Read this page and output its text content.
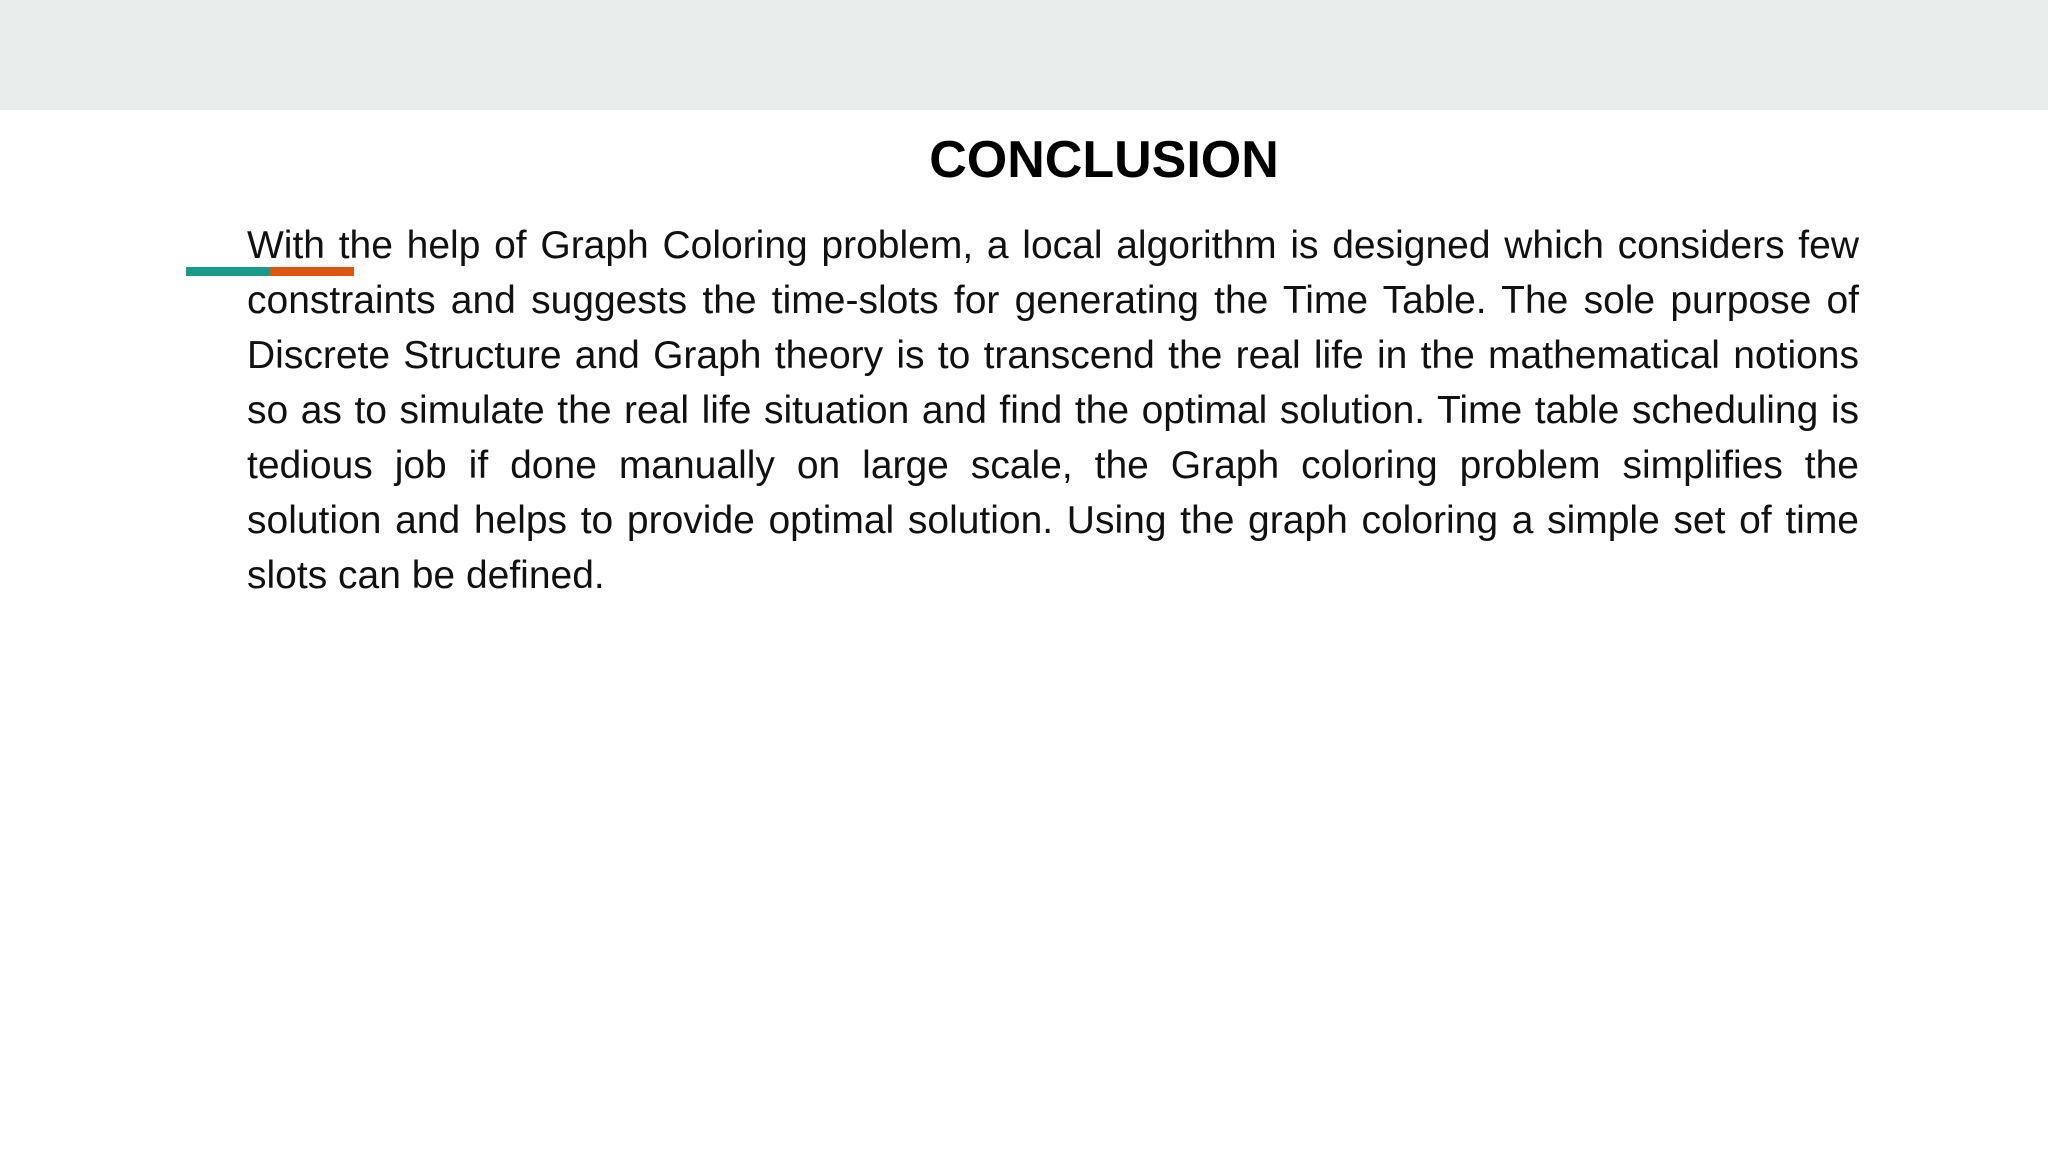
CONCLUSION

With the help of Graph Coloring problem, a local algorithm is designed which considers few constraints and suggests the time-slots for generating the Time Table. The sole purpose of Discrete Structure and Graph theory is to transcend the real life in the mathematical notions so as to simulate the real life situation and find the optimal solution. Time table scheduling is tedious job if done manually on large scale, the Graph coloring problem simplifies the solution and helps to provide optimal solution. Using the graph coloring a simple set of time slots can be defined.
